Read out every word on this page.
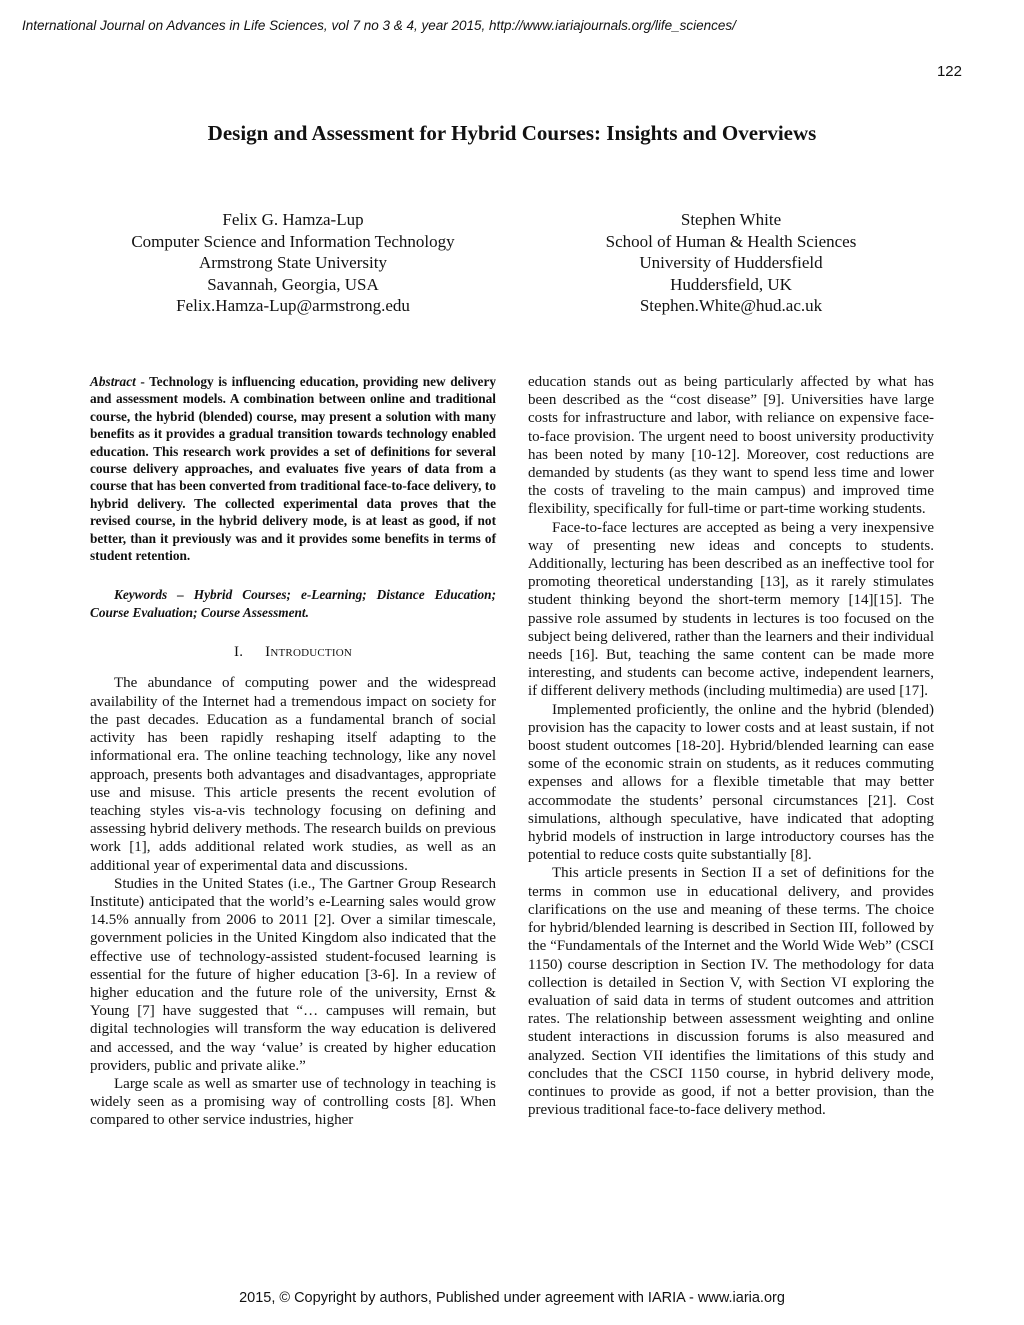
International Journal on Advances in Life Sciences, vol 7 no 3 & 4, year 2015, http://www.iariajournals.org/life_sciences/
122
Design and Assessment for Hybrid Courses: Insights and Overviews
Felix G. Hamza-Lup
Computer Science and Information Technology
Armstrong State University
Savannah, Georgia, USA
Felix.Hamza-Lup@armstrong.edu
Stephen White
School of Human & Health Sciences
University of Huddersfield
Huddersfield, UK
Stephen.White@hud.ac.uk

Abstract - Technology is influencing education, providing new delivery and assessment models. A combination between online and traditional course, the hybrid (blended) course, may present a solution with many benefits as it provides a gradual transition towards technology enabled education. This research work provides a set of definitions for several course delivery approaches, and evaluates five years of data from a course that has been converted from traditional face-to-face delivery, to hybrid delivery. The collected experimental data proves that the revised course, in the hybrid delivery mode, is at least as good, if not better, than it previously was and it provides some benefits in terms of student retention.

Keywords – Hybrid Courses; e-Learning; Distance Education; Course Evaluation; Course Assessment.

I. Introduction

The abundance of computing power and the widespread availability of the Internet had a tremendous impact on society for the past decades. Education as a fundamental branch of social activity has been rapidly reshaping itself adapting to the informational era. The online teaching technology, like any novel approach, presents both advantages and disadvantages, appropriate use and misuse. This article presents the recent evolution of teaching styles vis-a-vis technology focusing on defining and assessing hybrid delivery methods. The research builds on previous work [1], adds additional related work studies, as well as an additional year of experimental data and discussions.

Studies in the United States (i.e., The Gartner Group Research Institute) anticipated that the world’s e-Learning sales would grow 14.5% annually from 2006 to 2011 [2]. Over a similar timescale, government policies in the United Kingdom also indicated that the effective use of technology-assisted student-focused learning is essential for the future of higher education [3-6]. In a review of higher education and the future role of the university, Ernst & Young [7] have suggested that “… campuses will remain, but digital technologies will transform the way education is delivered and accessed, and the way ‘value’ is created by higher education providers, public and private alike.”

Large scale as well as smarter use of technology in teaching is widely seen as a promising way of controlling costs [8]. When compared to other service industries, higher

education stands out as being particularly affected by what has been described as the “cost disease” [9]. Universities have large costs for infrastructure and labor, with reliance on expensive face-to-face provision. The urgent need to boost university productivity has been noted by many [10-12]. Moreover, cost reductions are demanded by students (as they want to spend less time and lower the costs of traveling to the main campus) and improved time flexibility, specifically for full-time or part-time working students.

Face-to-face lectures are accepted as being a very inexpensive way of presenting new ideas and concepts to students. Additionally, lecturing has been described as an ineffective tool for promoting theoretical understanding [13], as it rarely stimulates student thinking beyond the short-term memory [14][15]. The passive role assumed by students in lectures is too focused on the subject being delivered, rather than the learners and their individual needs [16]. But, teaching the same content can be made more interesting, and students can become active, independent learners, if different delivery methods (including multimedia) are used [17].

Implemented proficiently, the online and the hybrid (blended) provision has the capacity to lower costs and at least sustain, if not boost student outcomes [18-20]. Hybrid/blended learning can ease some of the economic strain on students, as it reduces commuting expenses and allows for a flexible timetable that may better accommodate the students’ personal circumstances [21]. Cost simulations, although speculative, have indicated that adopting hybrid models of instruction in large introductory courses has the potential to reduce costs quite substantially [8].

This article presents in Section II a set of definitions for the terms in common use in educational delivery, and provides clarifications on the use and meaning of these terms. The choice for hybrid/blended learning is described in Section III, followed by the “Fundamentals of the Internet and the World Wide Web” (CSCI 1150) course description in Section IV. The methodology for data collection is detailed in Section V, with Section VI exploring the evaluation of said data in terms of student outcomes and attrition rates. The relationship between assessment weighting and online student interactions in discussion forums is also measured and analyzed. Section VII identifies the limitations of this study and concludes that the CSCI 1150 course, in hybrid delivery mode, continues to provide as good, if not a better provision, than the previous traditional face-to-face delivery method.

2015, © Copyright by authors, Published under agreement with IARIA - www.iaria.org
